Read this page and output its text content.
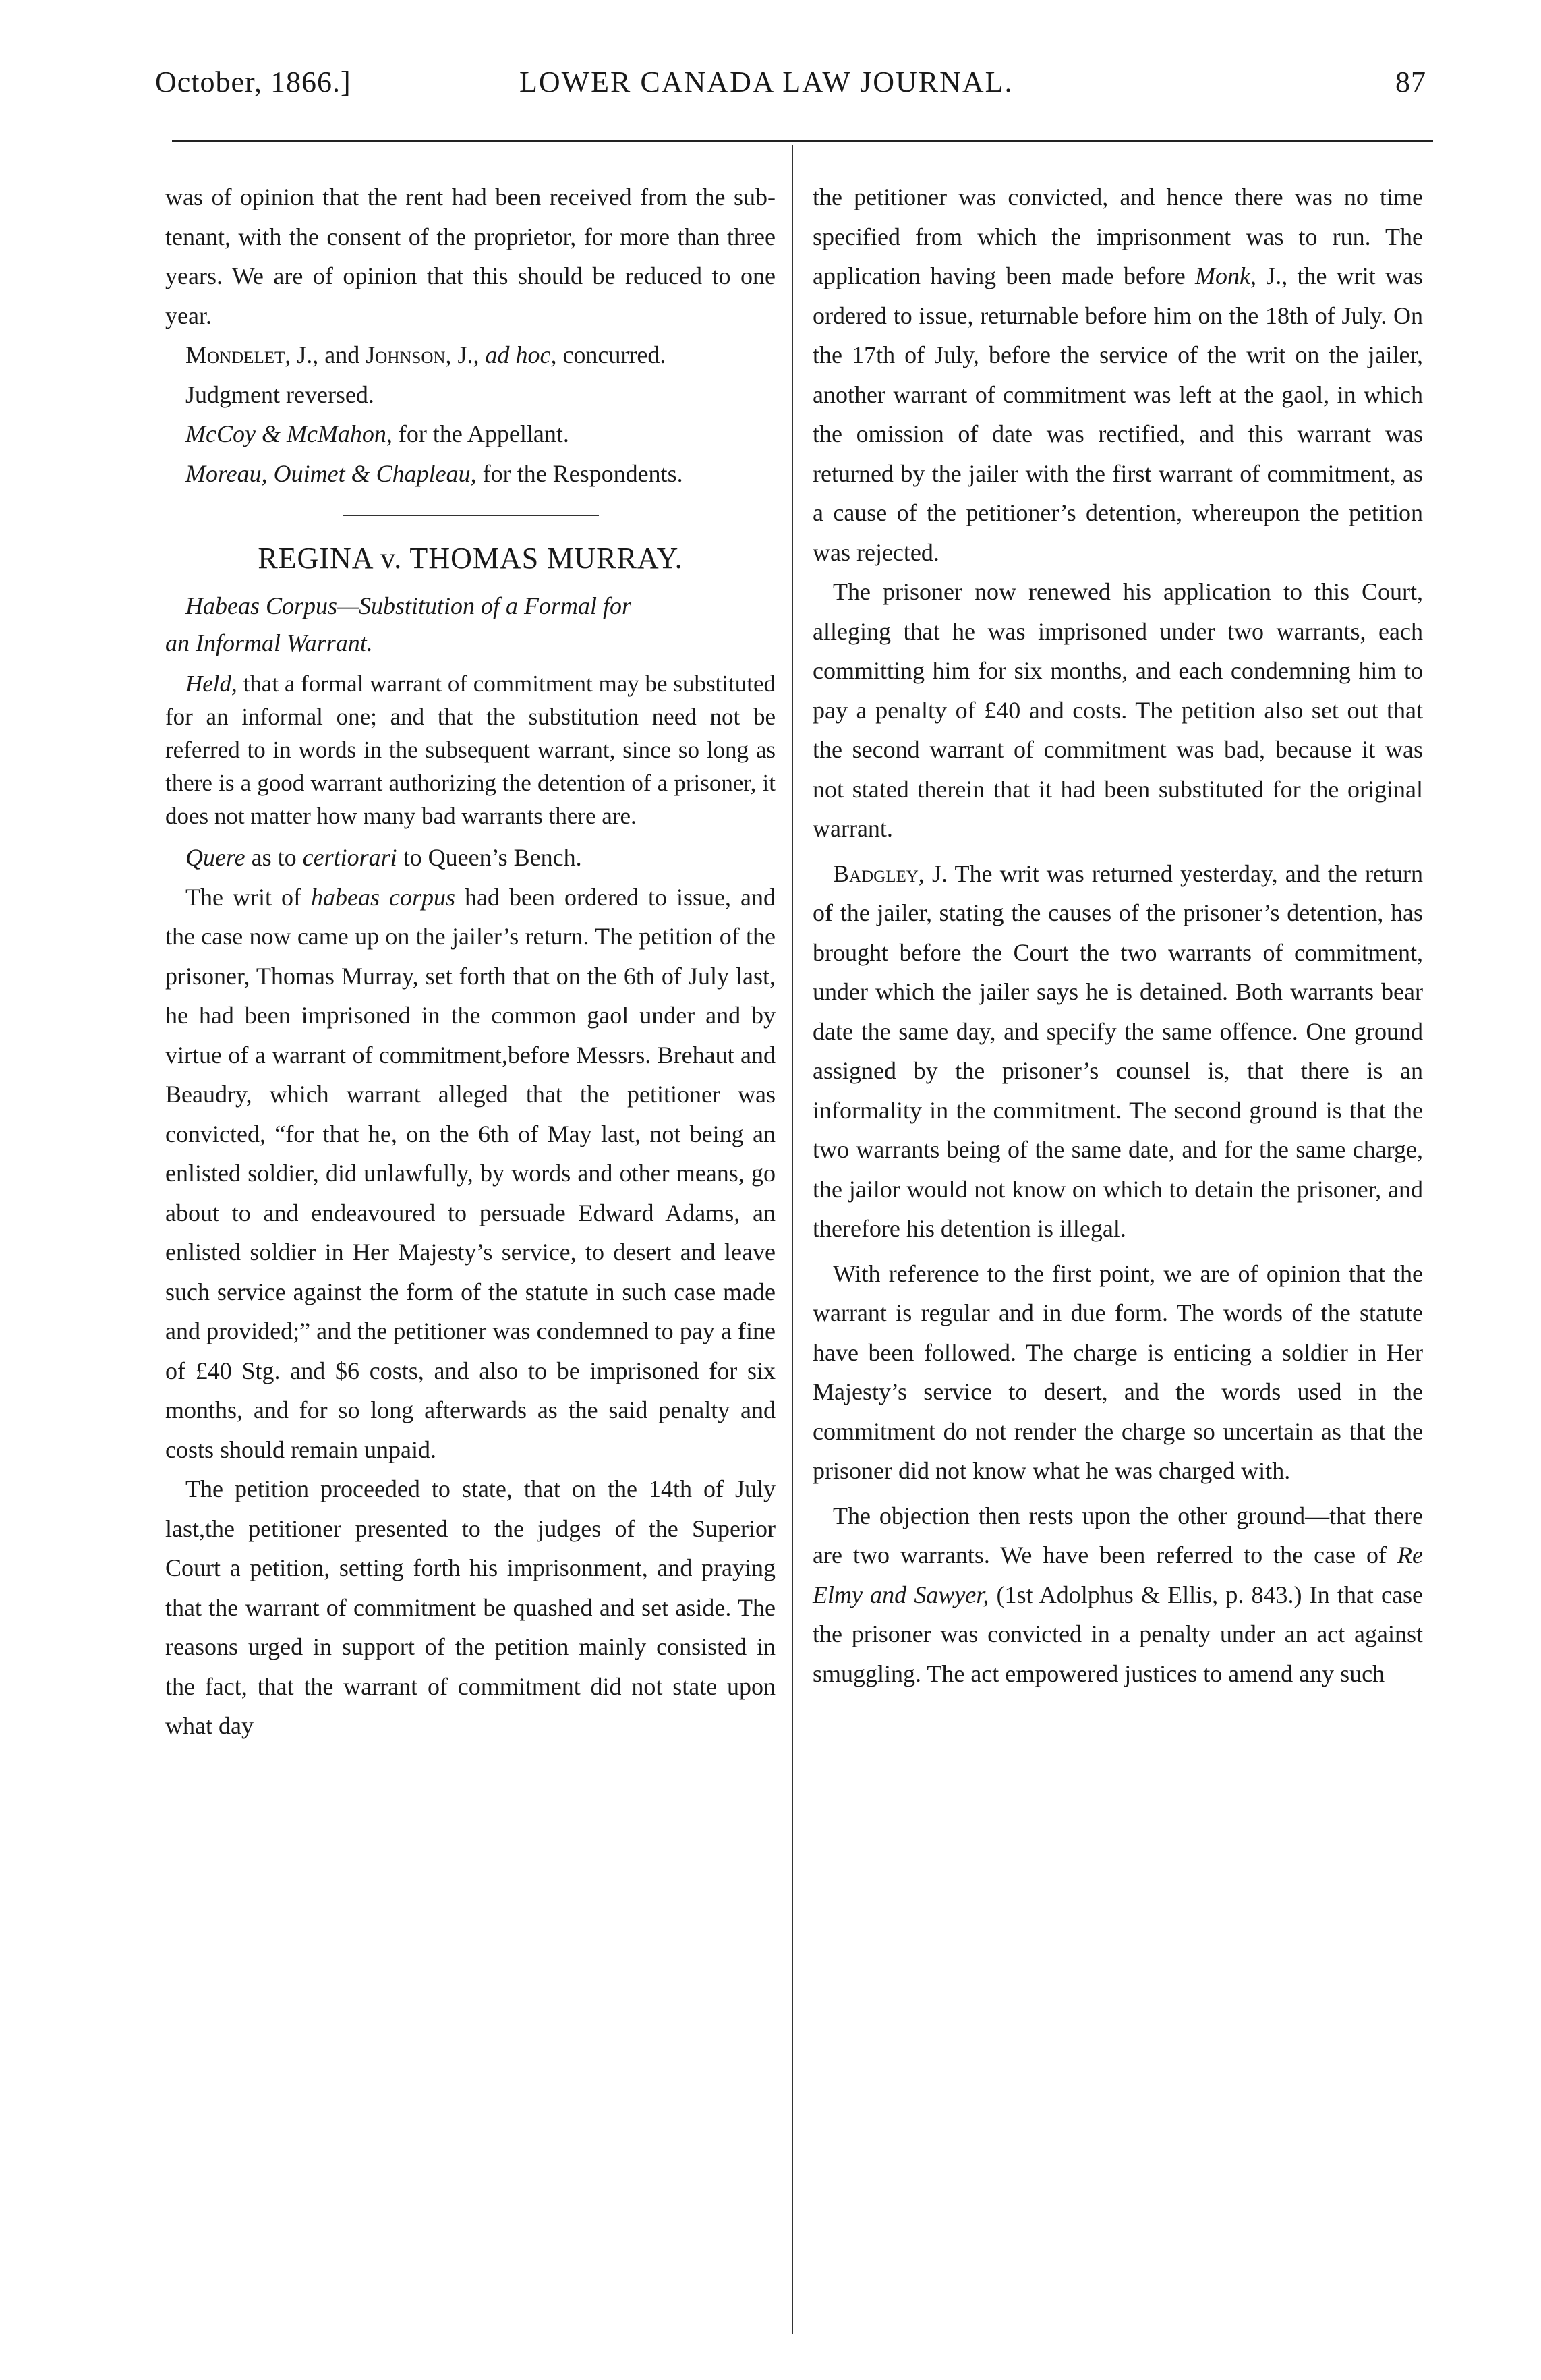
October, 1866.]	LOWER CANADA LAW JOURNAL.	87

was of opinion that the rent had been received from the sub-tenant, with the consent of the proprietor, for more than three years. We are of opinion that this should be reduced to one year.

Mondelet, J., and Johnson, J., ad hoc, concurred.

Judgment reversed.

McCoy & McMahon, for the Appellant.

Moreau, Ouimet & Chapleau, for the Respondents.

REGINA v. THOMAS MURRAY.
Habeas Corpus—Substitution of a Formal for
an Informal Warrant.

Held, that a formal warrant of commitment may be substituted for an informal one; and that the substitution need not be referred to in words in the subsequent warrant, since so long as there is a good warrant authorizing the detention of a prisoner, it does not matter how many bad warrants there are.

Quere as to certiorari to Queen’s Bench.

The writ of habeas corpus had been ordered to issue, and the case now came up on the jailer’s return. The petition of the prisoner, Thomas Murray, set forth that on the 6th of July last, he had been imprisoned in the common gaol under and by virtue of a warrant of commitment,before Messrs. Brehaut and Beaudry, which warrant alleged that the petitioner was convicted, “for that he, on the 6th of May last, not being an enlisted soldier, did unlawfully, by words and other means, go about to and endeavoured to persuade Edward Adams, an enlisted soldier in Her Majesty’s service, to desert and leave such service against the form of the statute in such case made and provided;” and the petitioner was condemned to pay a fine of £40 Stg. and $6 costs, and also to be imprisoned for six months, and for so long afterwards as the said penalty and costs should remain unpaid.

The petition proceeded to state, that on the 14th of July last,the petitioner presented to the judges of the Superior Court a petition, setting forth his imprisonment, and praying that the warrant of commitment be quashed and set aside. The reasons urged in support of the petition mainly consisted in the fact, that the warrant of commitment did not state upon what day

the petitioner was convicted, and hence there was no time specified from which the imprisonment was to run. The application having been made before Monk, J., the writ was ordered to issue, returnable before him on the 18th of July. On the 17th of July, before the service of the writ on the jailer, another warrant of commitment was left at the gaol, in which the omission of date was rectified, and this warrant was returned by the jailer with the first warrant of commitment, as a cause of the petitioner’s detention, whereupon the petition was rejected.

The prisoner now renewed his application to this Court, alleging that he was imprisoned under two warrants, each committing him for six months, and each condemning him to pay a penalty of £40 and costs. The petition also set out that the second warrant of commitment was bad, because it was not stated therein that it had been substituted for the original warrant.

Badgley, J. The writ was returned yesterday, and the return of the jailer, stating the causes of the prisoner’s detention, has brought before the Court the two warrants of commitment, under which the jailer says he is detained. Both warrants bear date the same day, and specify the same offence. One ground assigned by the prisoner’s counsel is, that there is an informality in the commitment. The second ground is that the two warrants being of the same date, and for the same charge, the jailor would not know on which to detain the prisoner, and therefore his detention is illegal.

With reference to the first point, we are of opinion that the warrant is regular and in due form. The words of the statute have been followed. The charge is enticing a soldier in Her Majesty’s service to desert, and the words used in the commitment do not render the charge so uncertain as that the prisoner did not know what he was charged with.

The objection then rests upon the other ground—that there are two warrants. We have been referred to the case of Re Elmy and Sawyer, (1st Adolphus & Ellis, p. 843.) In that case the prisoner was convicted in a penalty under an act against smuggling. The act empowered justices to amend any such
